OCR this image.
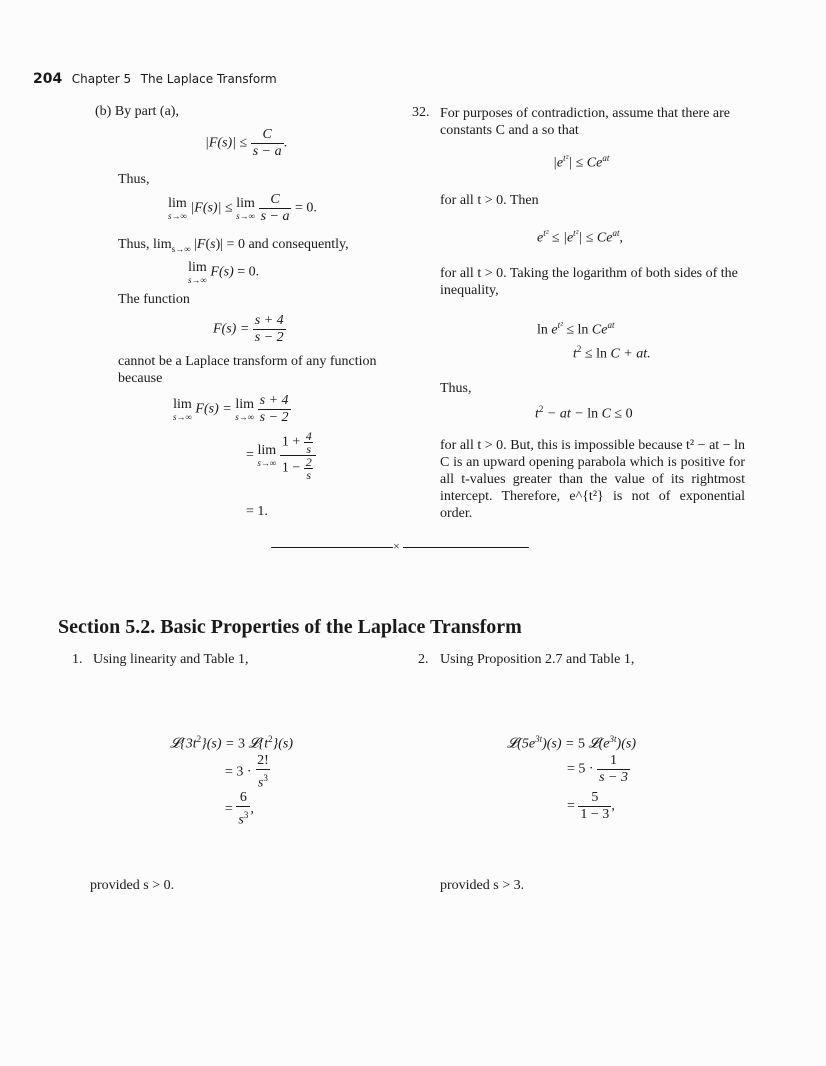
204 Chapter 5 The Laplace Transform
(b) By part (a),
$|F(s)| \le \frac{C}{s - a}$ .
Thus,
lim
s→∞
|F(s)| ≤ lim
s→∞
$\frac{C}{s - a} = 0$.
Thus, $\lim_{s\to\infty} |F(s)| = 0$ and consequently,
lim
s→∞
F(s) = 0.
The function
$F(s) = \frac{s + 4}{s - 2}$
cannot be a Laplace transform of any function because
lim
s→∞
F(s) = lim
s→∞
$\frac{s + 4}{s - 2}$
= lim
s→∞
$\frac{1 + \frac{4}{s}}{1 - \frac{2}{s}}$
= 1.
32. For purposes of contradiction, assume that there are constants C and a so that
$|e^{t^2}| \le Ce^{at}$
for all t > 0. Then
$e^{t^2} \le |e^{t^2}| \le Ce^{at}$,
for all t > 0. Taking the logarithm of both sides of the inequality,
$\ln e^{t^2} \le \ln Ce^{at}$
$t^2 \le \ln C$ + at.
Thus,
$t^2$ − at − ln C ≤ 0
for all t > 0. But, this is impossible because t² − at − ln C is an upward opening parabola which is positive for all t-values greater than the value of its rightmost intercept. Therefore, e^{t²} is not of exponential order.
×
Section 5.2. Basic Properties of the Laplace Transform
1. Using linearity and Table 1,
$𝓛\{3t^2\}(s) = 3$ $𝓛\{t^2\}(s)$
= $3 \cdot \frac{2!}{s^3}$
= $\frac{6}{s^3}$ ,
provided s > 0.
2. Using Proposition 2.7 and Table 1,
$𝓛(5e^{3t})(s) = 5$ $𝓛(e^{3t})(s)$
= $5 \cdot \frac{1}{s - 3}$
= $\frac{5}{1 - 3}$ ,
provided s > 3.
